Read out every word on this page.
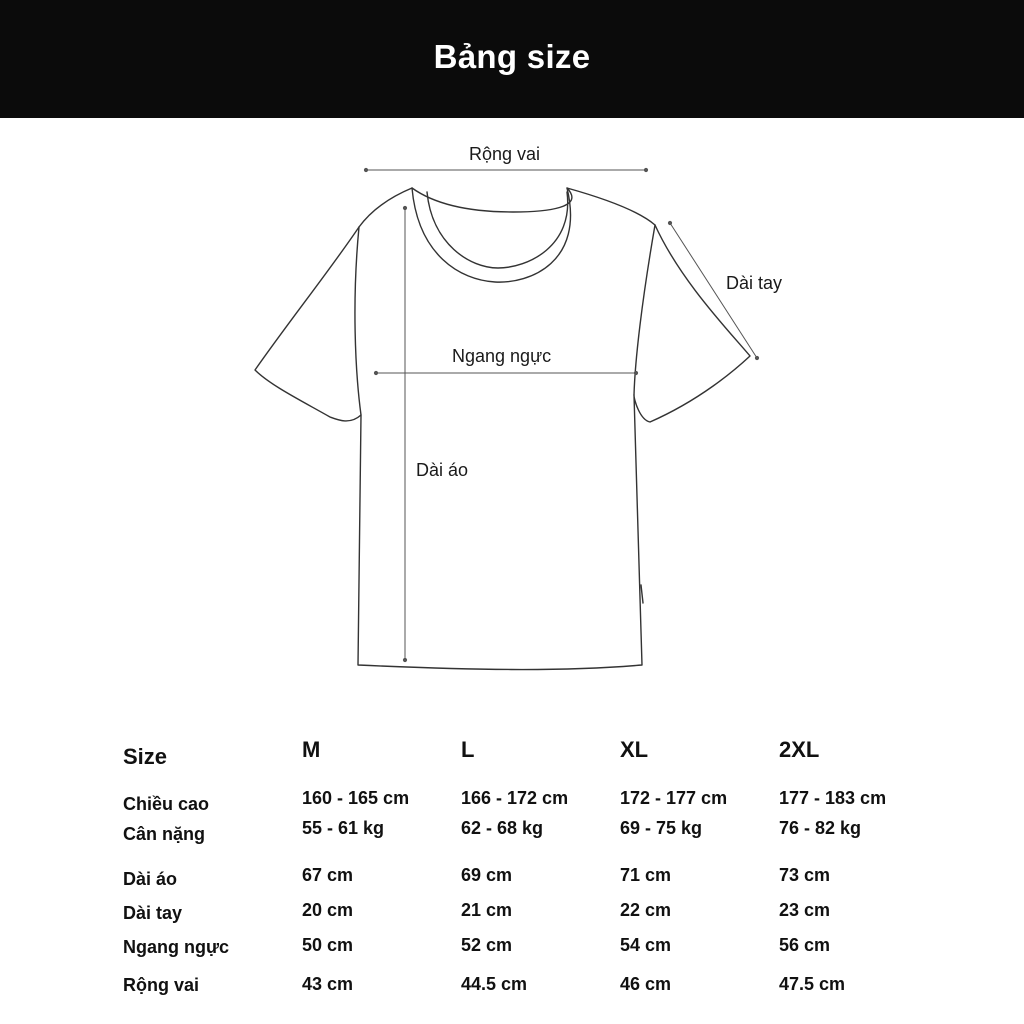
Bảng size
Rộng vai
Dài tay
Ngang ngực
Dài áo
Size	M	L	XL	2XL
Chiều cao	160 - 165 cm	166 - 172 cm	172 - 177 cm	177 - 183 cm
Cân nặng	55 - 61 kg	62 - 68 kg	69 - 75 kg	76 - 82 kg
Dài áo	67 cm	69 cm	71 cm	73 cm
Dài tay	20 cm	21 cm	22 cm	23 cm
Ngang ngực	50 cm	52 cm	54 cm	56 cm
Rộng vai	43 cm	44.5 cm	46 cm	47.5 cm
